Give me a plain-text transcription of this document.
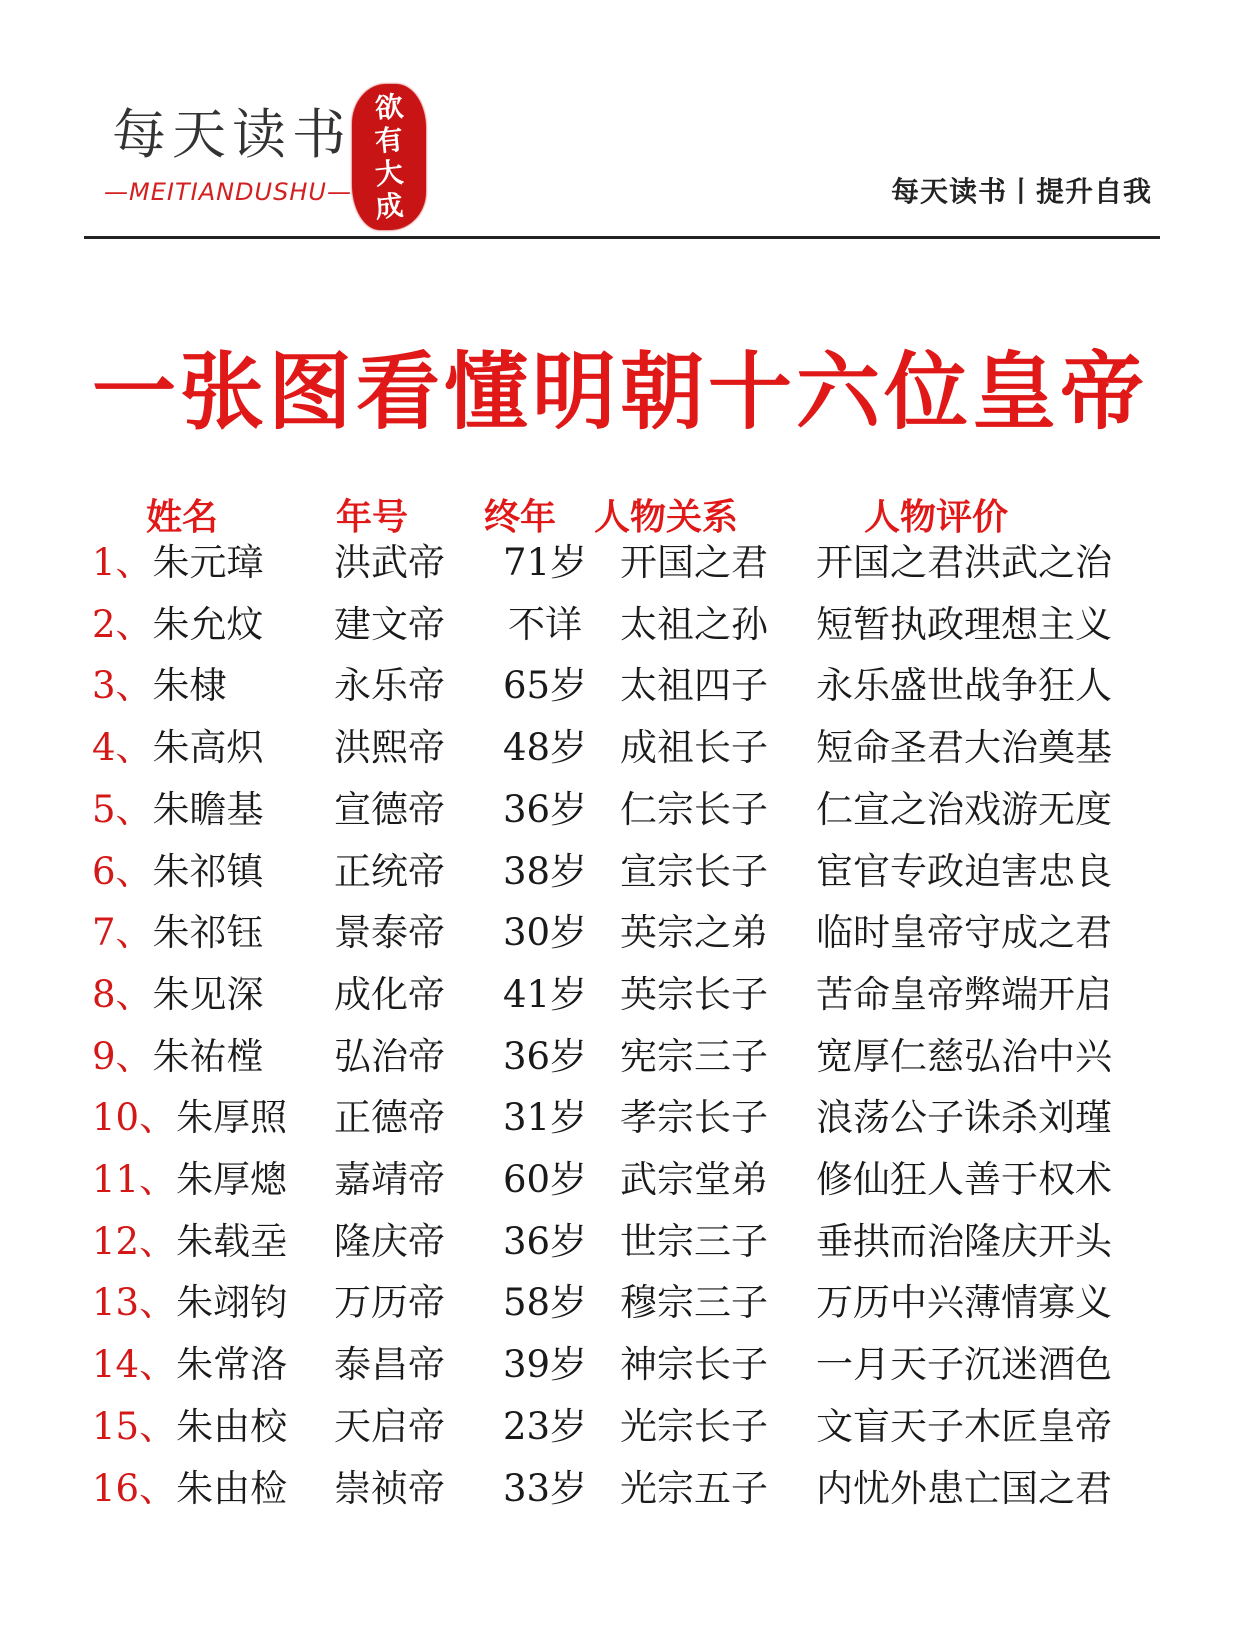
每天读书
—MEITIANDUSHU—
欲
有
大
成	每天读书丨提升自我
一张图看懂明朝十六位皇帝
姓名	年号 终年 人物关系	人物评价
1、朱元璋 洪武帝	71岁 开国之君 开国之君洪武之治
2、朱允炆 建文帝	不详	太祖之孙 短暂执政理想主义
3、朱棣	永乐帝	65岁 太祖四子 永乐盛世战争狂人
4、朱高炽 洪熙帝	48岁 成祖长子 短命圣君大治奠基
5、朱瞻基 宣德帝	36岁 仁宗长子 仁宣之治戏游无度
6、朱祁镇 正统帝	38岁 宣宗长子 宦官专政迫害忠良
7、朱祁钰 景泰帝	30岁 英宗之弟 临时皇帝守成之君
8、朱见深 成化帝	41岁 英宗长子 苦命皇帝弊端开启
9、朱祐樘 弘治帝	36岁 宪宗三子 宽厚仁慈弘治中兴
10、朱厚照 正德帝	31岁 孝宗长子 浪荡公子诛杀刘瑾
11、朱厚熜 嘉靖帝	60岁 武宗堂弟 修仙狂人善于权术
12、朱载坖 隆庆帝	36岁 世宗三子 垂拱而治隆庆开头
13、朱翊钧 万历帝	58岁 穆宗三子 万历中兴薄情寡义
14、朱常洛 泰昌帝	39岁 神宗长子 一月天子沉迷酒色
15、朱由校 天启帝	23岁 光宗长子 文盲天子木匠皇帝
16、朱由检 崇祯帝	33岁 光宗五子 内忧外患亡国之君
